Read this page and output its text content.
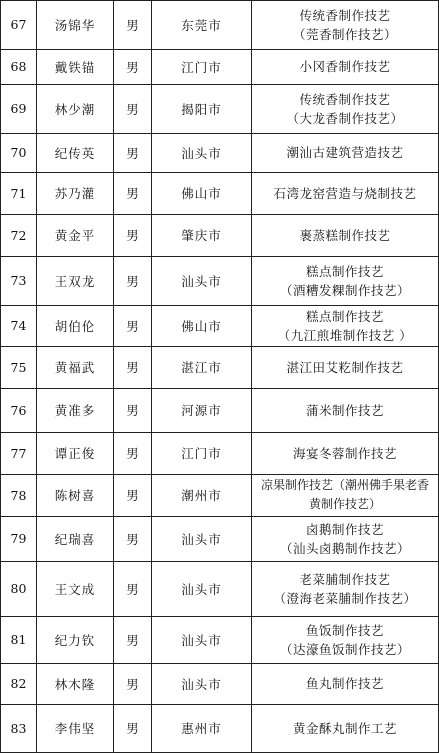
67	汤锦华	男	东莞市
传统香制作技艺
（莞香制作技艺）
68	戴铁锚	男	江门市	小冈香制作技艺
69	林少潮	男	揭阳市
传统香制作技艺
（大龙香制作技艺）
70	纪传英	男	汕头市	潮汕古建筑营造技艺
71	苏乃灌	男	佛山市	石湾龙窑营造与烧制技艺
72	黄金平	男	肇庆市	裹蒸糕制作技艺
73	王双龙	男	汕头市
糕点制作技艺
（酒糟发粿制作技艺）
74	胡伯伦	男	佛山市
糕点制作技艺
（九江煎堆制作技艺 ）
75	黄福武	男	湛江市	湛江田艾籺制作技艺
76	黄准多	男	河源市	蒲米制作技艺
77	谭正俊	男	江门市	海宴冬蓉制作技艺
78	陈树喜	男	潮州市
凉果制作技艺（潮州佛手果老香
黄制作技艺）
79	纪瑞喜	男	汕头市
卤鹅制作技艺
（汕头卤鹅制作技艺）
80	王文成	男	汕头市
老菜脯制作技艺
（澄海老菜脯制作技艺）
81	纪力钦	男	汕头市
鱼饭制作技艺
（达濠鱼饭制作技艺）
82	林木隆	男	汕头市	鱼丸制作技艺
83	李伟坚	男	惠州市	黄金酥丸制作工艺
